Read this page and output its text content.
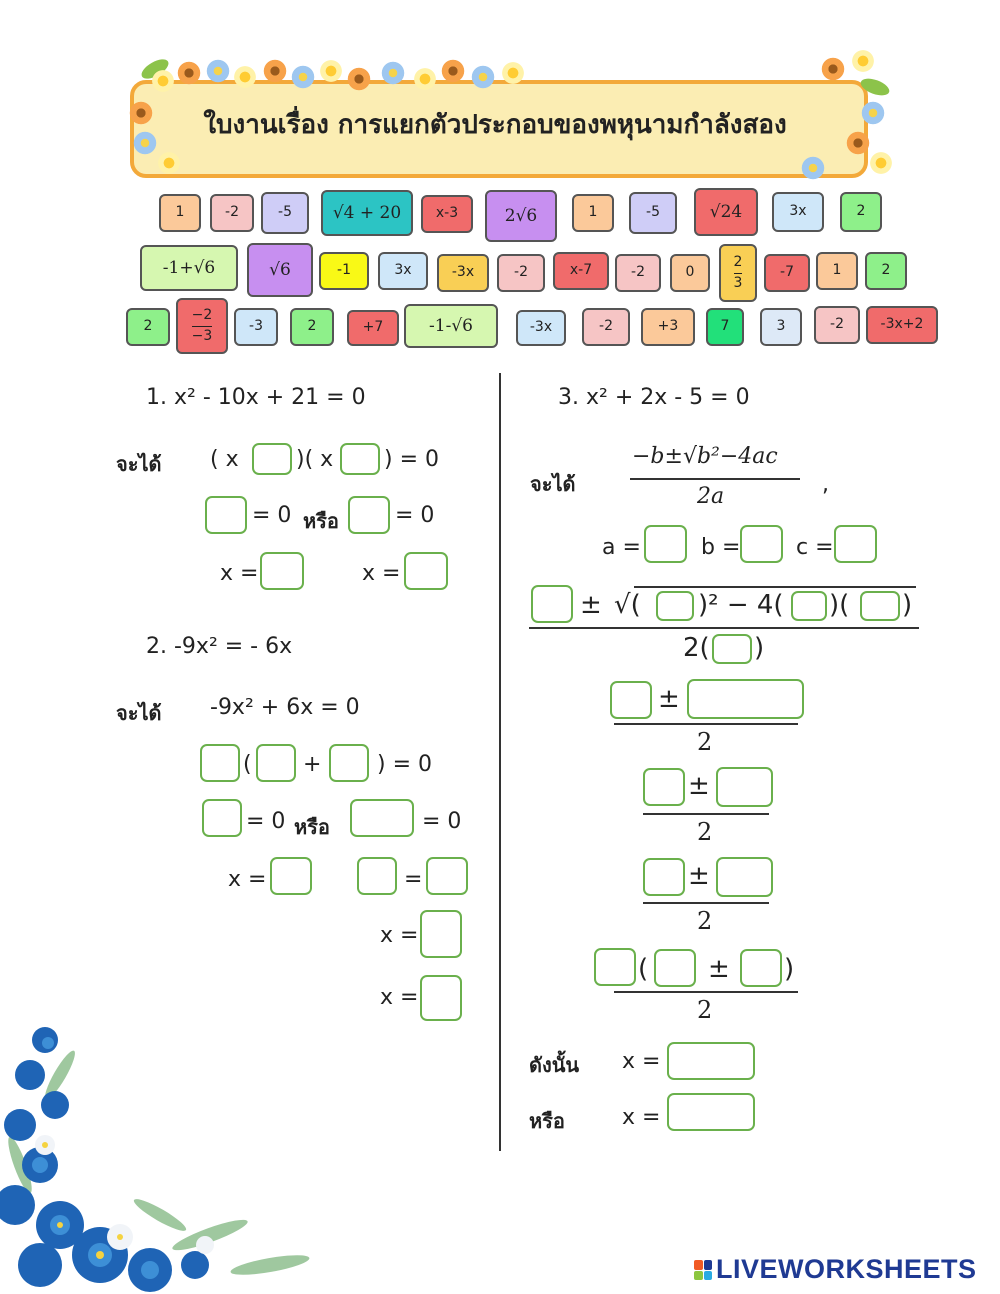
ใบงานเรื่อง การแยกตัวประกอบของพหุนามกำลังสอง
1	-2	-5 √4 + 20 x-3	2√6	1	-5	√24	3x	2
-1+√6	√6	-1	3x	-3x	-2	x-7	-2	0	$\frac{2}{3}$	-7	1	2
2	$\frac{-2}{-3}$	-3	2	+7	-1-√6	-3x	-2	+3	7	3	-2	-3x+2
1. x² - 10x + 21 = 0
จะได้ ( x	)( x ) = 0
= 0 หรือ	= 0
x =	x =
2. -9x² = - 6x
จะได้ -9x² + 6x = 0
( +	) = 0
= 0 หรือ	= 0
x =	=
x =
x =
3. x² + 2x - 5 = 0
จะได้
−b±√b²−4ac
2a	,
a =	b =	c =
± √( )² − 4( )( )
2( )
±
2
±
2
±
2
( ± )
2
ดังนั้น x =
หรือ	x =
LIVEWORKSHEETS
